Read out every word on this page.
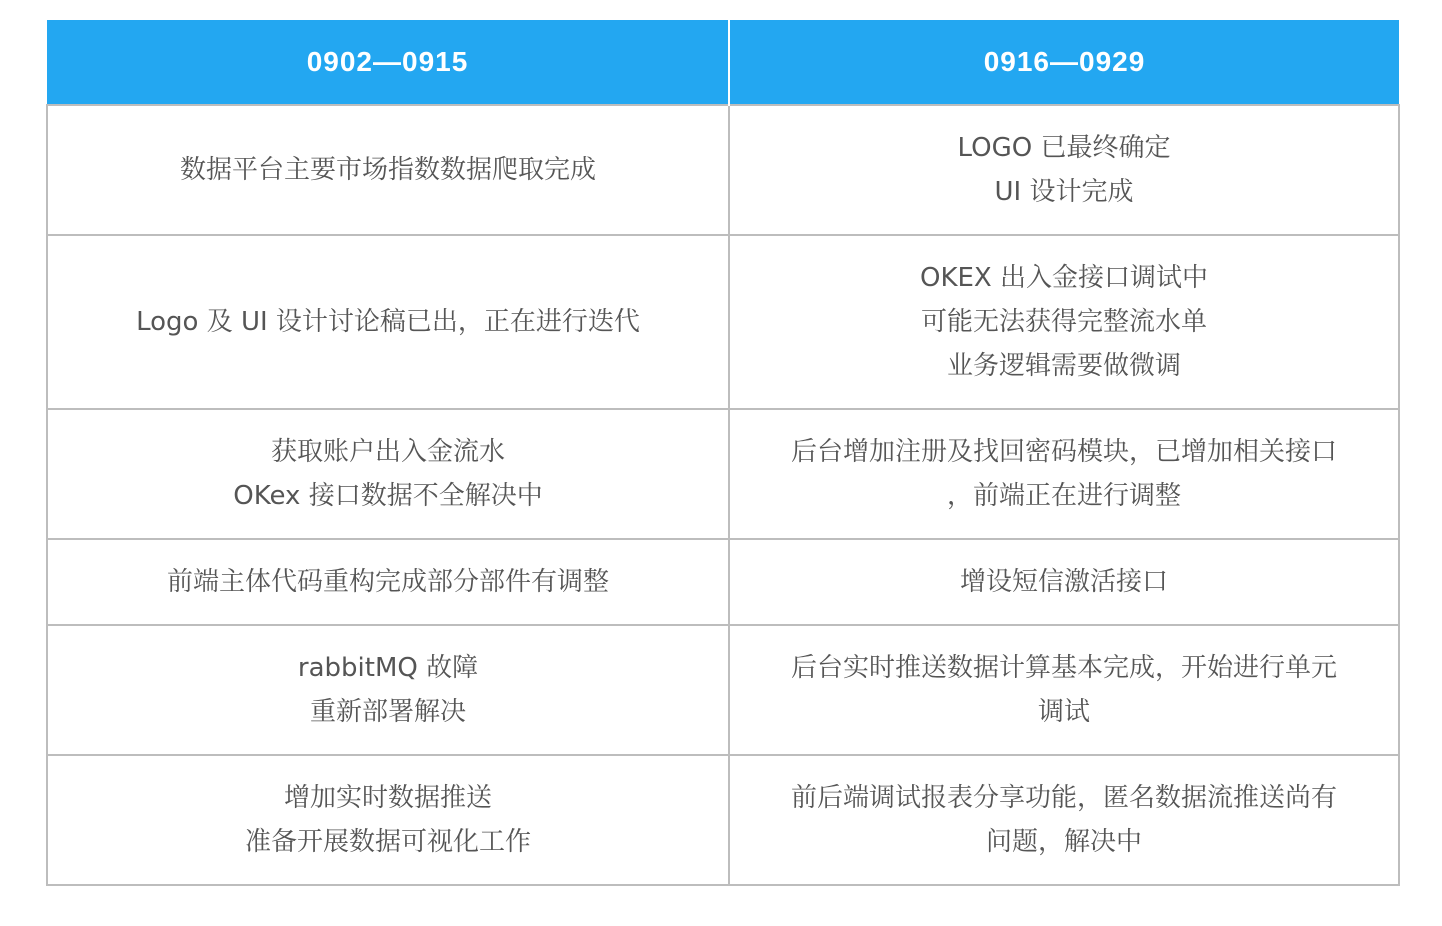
0902—0915	0916—0929

数据平台主要市场指数数据爬取完成	LOGO 已最终确定
UI 设计完成

Logo 及 UI 设计讨论稿已出，正在进行迭代	OKEX 出入金接口调试中
可能无法获得完整流水单
业务逻辑需要做微调

获取账户出入金流水
OKex 接口数据不全解决中	后台增加注册及找回密码模块，已增加相关接口
，前端正在进行调整

前端主体代码重构完成部分部件有调整	增设短信激活接口

rabbitMQ 故障
重新部署解决	后台实时推送数据计算基本完成，开始进行单元
调试

增加实时数据推送
准备开展数据可视化工作	前后端调试报表分享功能，匿名数据流推送尚有
问题，解决中
